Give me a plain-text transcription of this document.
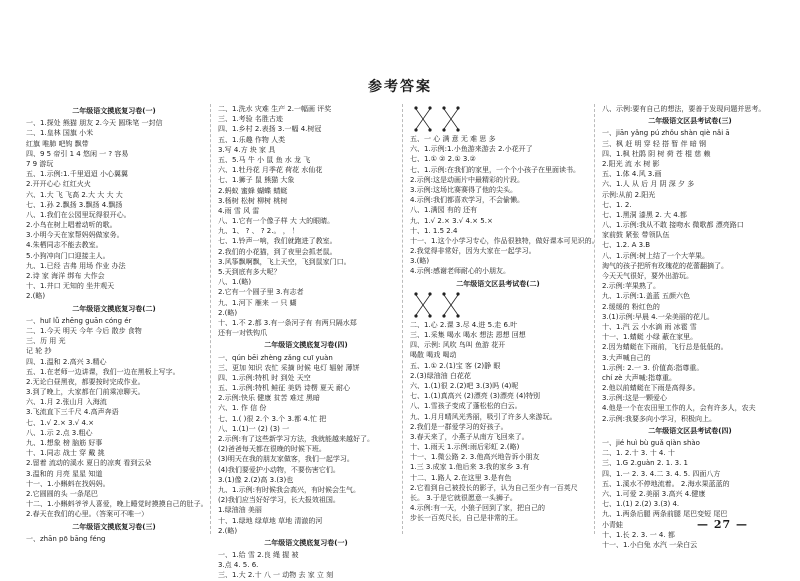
参考答案
二年级语文摸底复习卷(一)
一、1.探处 熊猫 朋友 2.今天 圆珠笔 一封信
二、1.皇林 国旗 小米
红旗 唯肺 吧钩 飘带
四、9 5 帝引 1 4 悠闲 一 ? 容易
7 9 游玩
五、1.示例:1.千里迢迢 小心翼翼
2.开开心心 红红火火
六、1.大 飞 飞高 2.大 大 大 大
七、1.孙 2.飘扬 3.飘扬 4.飘扬
八、1.我们在公园里玩得很开心。
2.小鸟在树上唱着动听的歌。
3.小明今天在家帮妈妈做家务。
4.朱栖同志不能去教室。
5.小狗冲向门口迎接主人。
九、1.已经 吉弗 用场 作业 办法
2.诗 家 海洋 绑布 大作会
十、1.井口 无知的 坐井观天
2.(略)
二年级语文摸底复习卷(二)
一、huī lǚ zhēng guān cóng ér
二、1.今天 明天 今年 今后 散步 食物
三、历 用 光
记 轮 抄
四、1.温和 2.高兴 3.精心
五、1.在老师一边讲课，我们一边在黑板上写字。
2.无论白昼黑夜，都要按时完成作业。
3.到了晚上，大家都在门前乘凉聊天。
六、1.月 2.张山月 入海流
3.飞流直下三千尺 4.高声奔语
七、1.√ 2.× 3.√ 4.×
八、1.示 2.点 3.粗心
九、1.想象 榜 脑筋 好事
十、1.同志 战士 穿 戴 挑
2.留着 流动的溪水 夏日的凉爽 看到云朵
3.温和的 月亮 星星 知道
十一、1.小蝌蚪在找妈妈。
2.它圆圆的头 一条尾巴
十二、1.小蝌蚪爷爷人喜爱，晚上睡觉时摸摸自己的肚子。
2.春天在我们的心里。（答案可不唯一）
二年级语文摸底复习卷(三)
一、zhān pō bāng féng
二、1.洗水 灾难 生产 2.一幅画 评奖
三、1.考验 名胜古迹
四、1.乡村 2.表扬 3.一幅 4.树冠
五、1.乐趣 作物 人类
3.写 4.方 块 家 具
五、5.马 牛 小 鼠 鱼 水 龙 飞
六、1.牡丹花 月季花 荷花 水仙花
七、1.狮子 鼠 熊猫 大象
2.蚂蚁 蜜蜂 蝴蝶 蜻蜓
3.杨树 松树 柳树 桃树
4.雨 雪 风 雷
八、1.它有一个像子样 大 大的眼睛。
九、1、 ? 、 ? 2.。 ， ！
七、1.铃声一响，我们就跑进了教室。
2.我们的小花猫，到了夜里会抓老鼠。
3.风筝飘啊飘，飞上天空，飞到鼠家门口。
5.天到底有多大呢？
八、1.(略)
2.它有一个圆子里 3.有志者
九、1.河下 雁来 一 只 蝴
2.(略)
十、1.不 2.都 3.有一条河子有 有两只隔水郑
还有一对铁钩爪
二年级语文摸底复习卷(四)
一、qún bēi zhèng zǎng cuī yuàn
三、更加 知识 农忙 采摘 时候 电灯 辐射 薄饼
四、1.示例:特机 时 到处 天空
五、1.示例:特机 鲑征 美奶 诗楞 夏天 耐心
2.示例:快乐 健康 贫苦 难过 黑暗
六、1. 作 信 份
七、1.( )很 2.个 3.个 3.都 4.忙 把
八、1.(1)一 (2) (3) 一
2.示例:有了这些新学习方法，我就能越来越好了。
(2)爸爸每天都在很晚的时候下班。
(3)明天在我的朋友家做客，我们一起学习。
(4)我们要爱护小动物，不要伤害它们。
3.(1)像 2.(2)高 3.(3)也
九、1.示例:有时候我会高兴，有时候会生气。
(2)我们应当好好学习，长大报效祖国。
1.绿油油 美丽
十、1.绿地 绿草地 草地 清澈的河
2.(略)
二年级语文摸底复习卷(一)
一、1.给 雪 2.良 绳 握 被
3.点 4. 5. 6.
三、1.大 2.十 八 一 动物 去 家 立 刻
五、一 心 满 意 无 难 思 多
六、1.示例:1.小鱼游来游去 2.小花开了
七、1.① ② 2.① 3.②
七、1.示例:在我们的家里，一个个小孩子在里面读书。
2.示例:这是动画片中最精彩的片段。
3.示例:这场比赛赛得了他的尖头。
4.示例:我们都喜欢学习，不会偷懒。
八、1.满园 有的 还有
九、1.√ 2.× 3.√ 4.× 5.×
十、1. 1.5 2.4
十一、1.这个小学习专心，作品很独特，做好课本可见识的。
2.我觉得非常好，因为大家在一起学习。
3.(略)
4.示例:感谢老师耐心的小朋友。
二年级语文区县考试卷(二)
二、1.心 2.课 3.尽 4.进 5.走 6.叶
三、1.采集 喝水 喝水 想法 恩想 回想
四、示例: 风吹 鸟叫 鱼游 花开
喝散 喝戏 喝动
五、1.① 2.(1)宝 客 (2)静 眼
2.(3)绿油油 白花花
六、1.(1)很 2.(2)吧 3.(3)吗 (4)呢
七、1.(1)真高兴 (2)漂亮 (3)漂亮 (4)特别
八、1.雪孩子变成了蓬松松的白云。
九、1.月月晴风光秀丽，吸引了许多人来游玩。
2.我们是一群爱学习的好孩子。
3.春天来了，小燕子从南方飞回来了。
十、1.雨天 1.示例:雨后彩虹 2.(略)
十一、1.微公路 2. 3.他高兴地告诉小朋友
1.三 3.成家 1.他后来 3.我的家乡 3.有
十二、1.路人 2.在这里 3.是有色
2.它看到自己被投长的影子，认为自己至少有一百英尺
长。 3.于是它就很愿意一头狮子。
4.示例:有一天，小狼子回到了家，把自己的
步长一百英尺长，自己是非常的王。
八、示例:要有自己的想法，要善于发现问题并思考。
二年级语文区县考试卷(三)
一、jiān yǎng pú zhǒu shàn qiè nǎi ā
三、枫 赶 明 穿 轻 搭 暂 伴 暗 钢
四、1.枫 杜鹃 阴 树 荷 苍 棍 慈 赖
2.阳光 流 水 树 影
五、1.体 4.风 3.画
六、1.人 从 后 月 阴 深 夕 多
示例:从前 2.阳光
七、1. 2.
七、1.黑洞 漆黑 2. 大 4.都
八、1.示例:我从不敢 接吻水 微歌都 漂亮路口
家前鼓 紧张 带领队伍
七、1.2. A 3.B
八、1.示例:树上结了一个大苹果。
淘气的孩子把所有玫瑰花的花蕾翻摘了。
今天天气很好，要外出游玩。
2.示例:苹果熟了。
九、1.示例:1.盖蓝 五颜六色
2.缓缓的 粉红色的
3.(1)示例:早晨 4.一朵美丽的花儿。
十、1.汽 云 小水滴 雨 冰雹 雪
十一、1.蜻蜓 小绿 蔽在家里。
2.因为蜻蜓在下雨前，飞行总是低低的。
3.大声喊自己的
1.示例: 2.一 3. 价值高:指尊重。
chí zè 大声喊:指尊重。
2.他以前蜻蜓在下雨是高得多。
3.示例:这是一颗爱心
4.他是一个在农田里工作的人，会有许多人，农夫
2.示例:我要多向小学习，积极向上。
二年级语文区县考试卷(四)
一、jié huì bù guǎ qiàn shào
二、1. 2.十 3. 十 4. 十
三、1.G 2.guàn 2. 1. 3. 1
四、1.一 2. 3. 4.二 3. 4. 5. 四面八方
五、1.溪水不停地流着。 2.海水果蓝蓝的
六、1.可爱 2.美丽 3.高兴 4.健康
七、1.(1) 2.(2) 3.(3) 4.
九、1.两条后腿 两条前腿 尾巴变短 尾巴
小青蛙
十、1.长 2. 3. 一 4. 都
十一、1.小白兔 水汽 一朵白云
— 27 —
